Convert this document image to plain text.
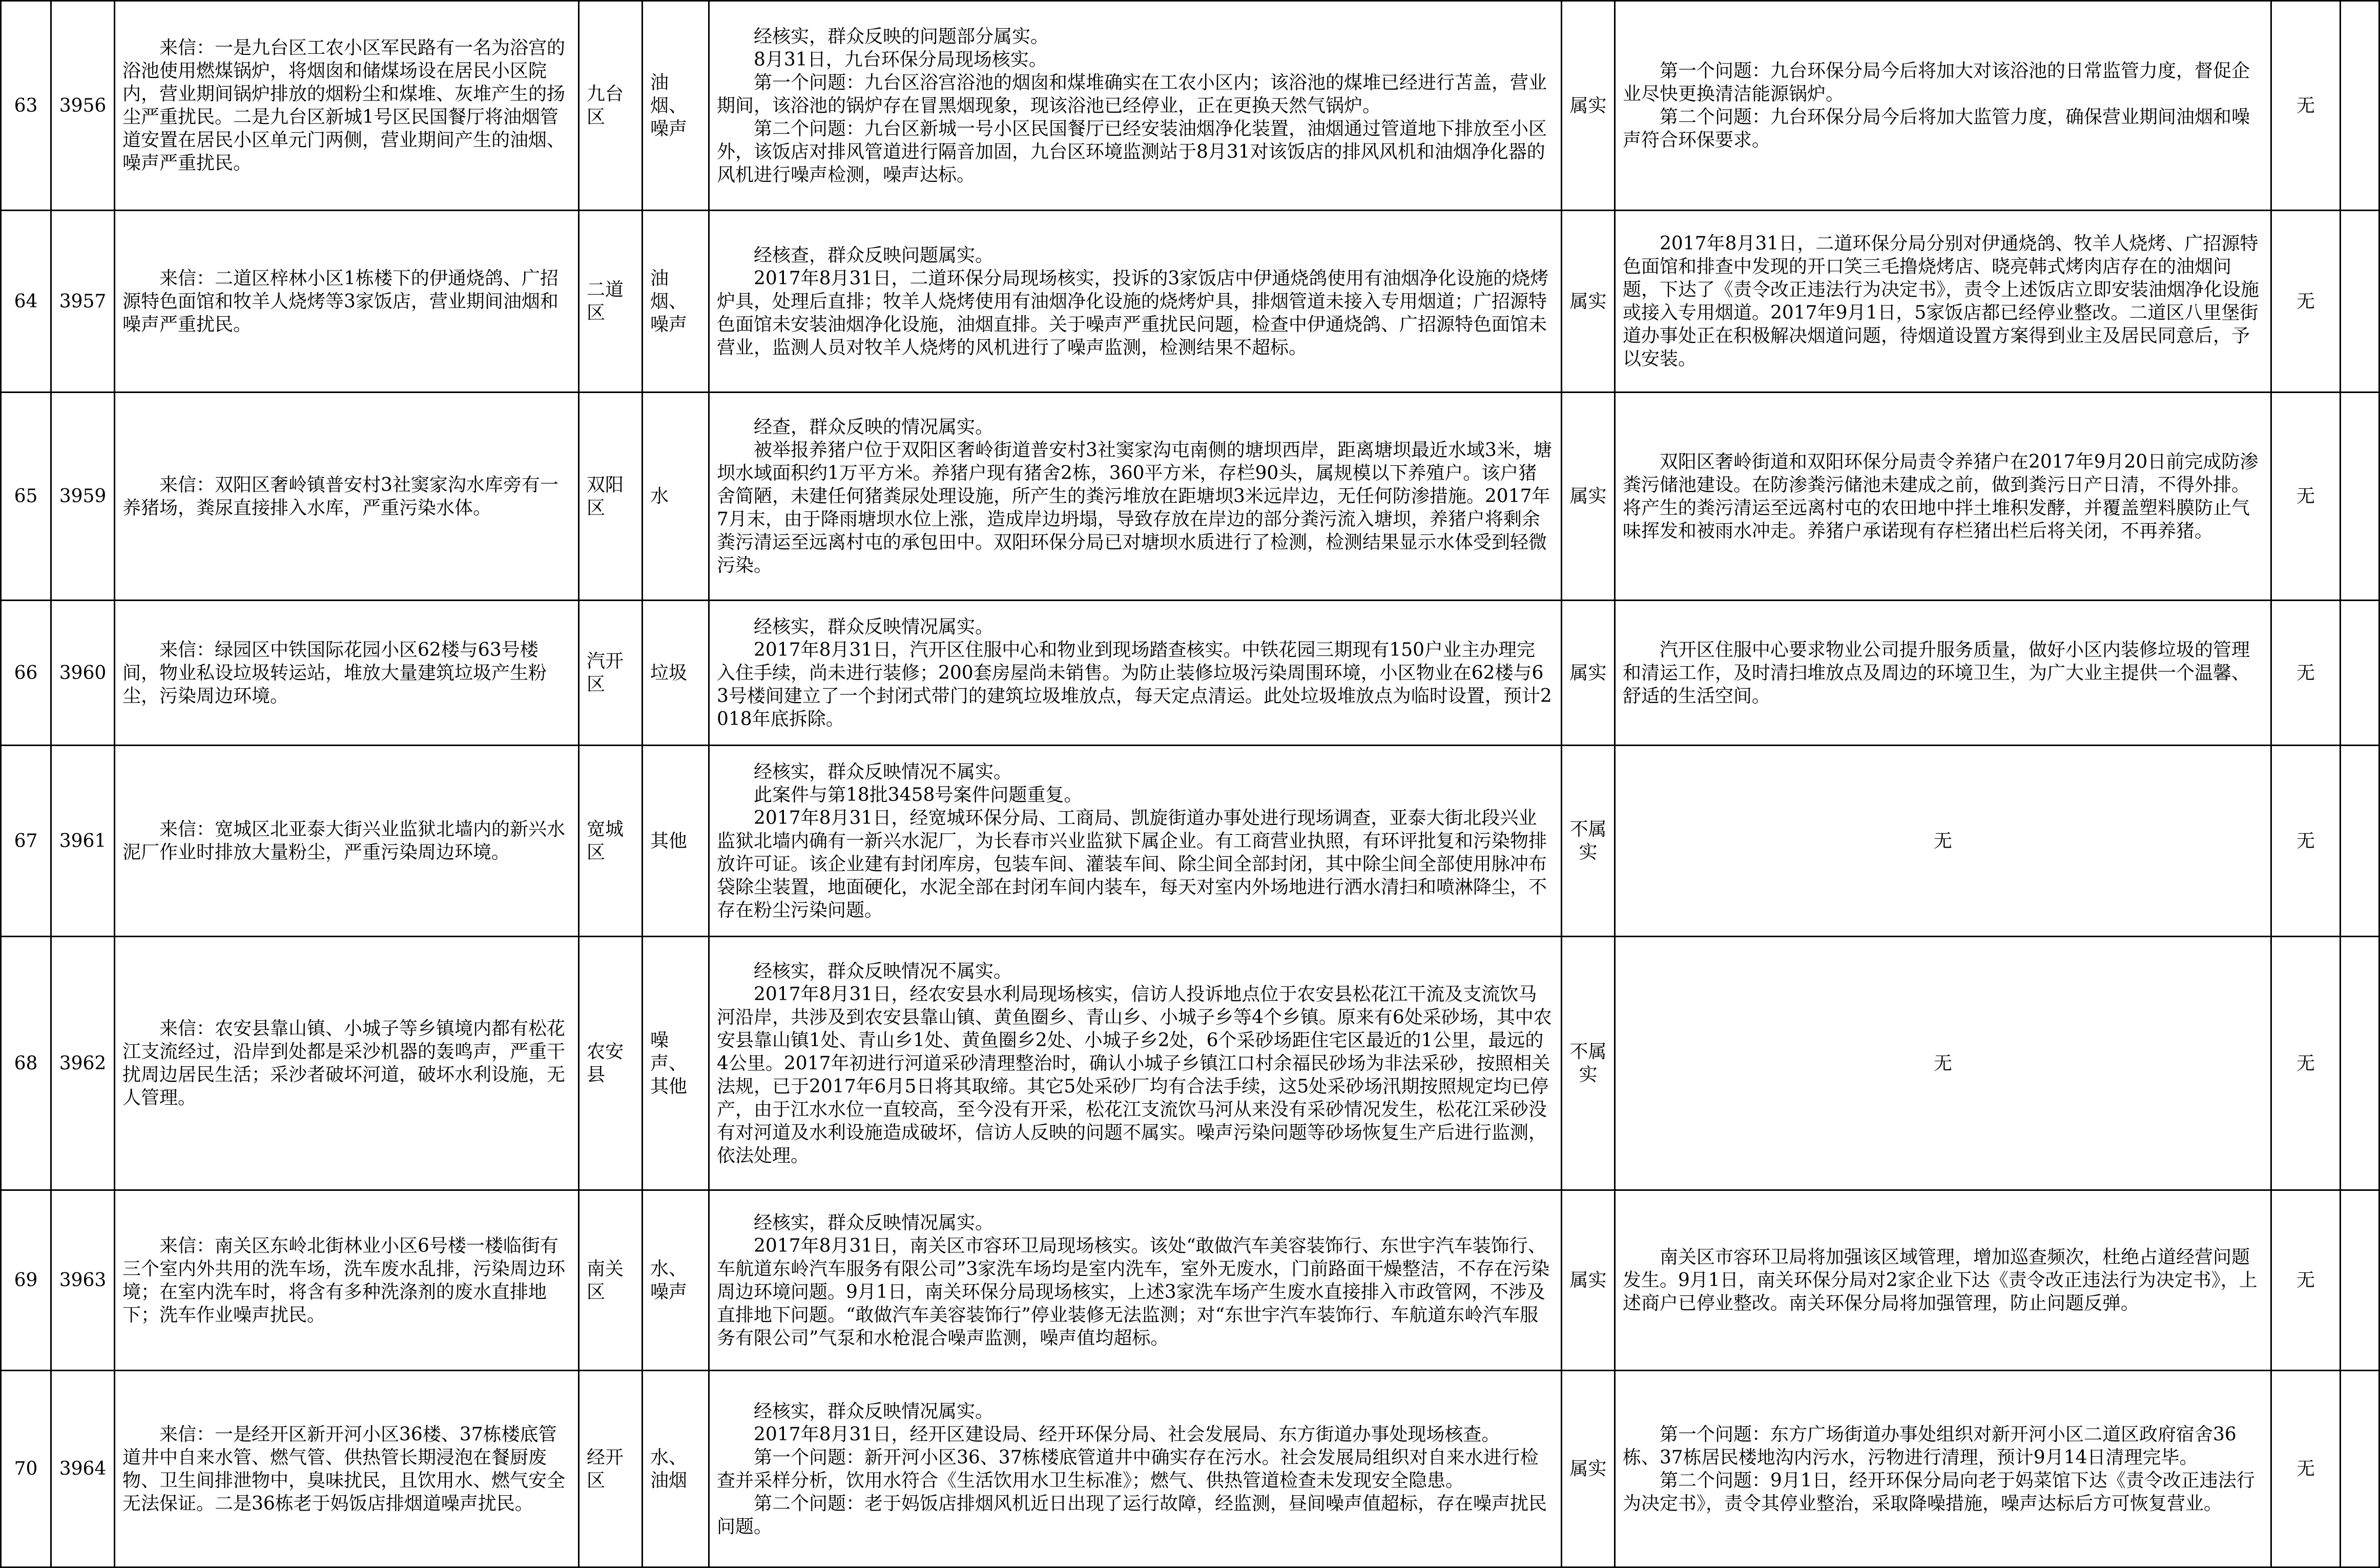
63	3956	来信：一是九台区工农小区军民路有一名为浴宫的浴池使用燃煤锅炉，将烟囱和储煤场设在居民小区院内，营业期间锅炉排放的烟粉尘和煤堆、灰堆产生的扬尘严重扰民。二是九台区新城1号区民国餐厅将油烟管道安置在居民小区单元门两侧，营业期间产生的油烟、噪声严重扰民。	九台区	油烟、噪声	经核实，群众反映的问题部分属实。
8月31日，九台环保分局现场核实。
第一个问题：九台区浴宫浴池的烟囱和煤堆确实在工农小区内；该浴池的煤堆已经进行苫盖，营业期间，该浴池的锅炉存在冒黑烟现象，现该浴池已经停业，正在更换天然气锅炉。
第二个问题：九台区新城一号小区民国餐厅已经安装油烟净化装置，油烟通过管道地下排放至小区外，该饭店对排风管道进行隔音加固，九台区环境监测站于8月31对该饭店的排风风机和油烟净化器的风机进行噪声检测，噪声达标。	属实	第一个问题：九台环保分局今后将加大对该浴池的日常监管力度，督促企业尽快更换清洁能源锅炉。
第二个问题：九台环保分局今后将加大监管力度，确保营业期间油烟和噪声符合环保要求。	无	

64	3957	来信：二道区梓林小区1栋楼下的伊通烧鸽、广招源特色面馆和牧羊人烧烤等3家饭店，营业期间油烟和噪声严重扰民。	二道区	油烟、噪声	经核查，群众反映问题属实。
2017年8月31日，二道环保分局现场核实，投诉的3家饭店中伊通烧鸽使用有油烟净化设施的烧烤炉具，处理后直排；牧羊人烧烤使用有油烟净化设施的烧烤炉具，排烟管道未接入专用烟道；广招源特色面馆未安装油烟净化设施，油烟直排。关于噪声严重扰民问题，检查中伊通烧鸽、广招源特色面馆未营业，监测人员对牧羊人烧烤的风机进行了噪声监测，检测结果不超标。	属实	2017年8月31日，二道环保分局分别对伊通烧鸽、牧羊人烧烤、广招源特色面馆和排查中发现的开口笑三毛撸烧烤店、晓亮韩式烤肉店存在的油烟问题，下达了《责令改正违法行为决定书》，责令上述饭店立即安装油烟净化设施或接入专用烟道。2017年9月1日，5家饭店都已经停业整改。二道区八里堡街道办事处正在积极解决烟道问题，待烟道设置方案得到业主及居民同意后，予以安装。	无	

65	3959	来信：双阳区奢岭镇普安村3社窦家沟水库旁有一养猪场，粪尿直接排入水库，严重污染水体。	双阳区	水	经查，群众反映的情况属实。
被举报养猪户位于双阳区奢岭街道普安村3社窦家沟屯南侧的塘坝西岸，距离塘坝最近水域3米，塘坝水域面积约1万平方米。养猪户现有猪舍2栋，360平方米，存栏90头，属规模以下养殖户。该户猪舍简陋，未建任何猪粪尿处理设施，所产生的粪污堆放在距塘坝3米远岸边，无任何防渗措施。2017年7月末，由于降雨塘坝水位上涨，造成岸边坍塌，导致存放在岸边的部分粪污流入塘坝，养猪户将剩余粪污清运至远离村屯的承包田中。双阳环保分局已对塘坝水质进行了检测，检测结果显示水体受到轻微污染。	属实	双阳区奢岭街道和双阳环保分局责令养猪户在2017年9月20日前完成防渗粪污储池建设。在防渗粪污储池未建成之前，做到粪污日产日清，不得外排。将产生的粪污清运至远离村屯的农田地中拌土堆积发酵，并覆盖塑料膜防止气味挥发和被雨水冲走。养猪户承诺现有存栏猪出栏后将关闭，不再养猪。	无	

66	3960	来信：绿园区中铁国际花园小区62楼与63号楼间，物业私设垃圾转运站，堆放大量建筑垃圾产生粉尘，污染周边环境。	汽开区	垃圾	经核实，群众反映情况属实。
2017年8月31日，汽开区住服中心和物业到现场踏查核实。中铁花园三期现有150户业主办理完入住手续，尚未进行装修；200套房屋尚未销售。为防止装修垃圾污染周围环境，小区物业在62楼与63号楼间建立了一个封闭式带门的建筑垃圾堆放点，每天定点清运。此处垃圾堆放点为临时设置，预计2018年底拆除。	属实	汽开区住服中心要求物业公司提升服务质量，做好小区内装修垃圾的管理和清运工作，及时清扫堆放点及周边的环境卫生，为广大业主提供一个温馨、舒适的生活空间。	无	

67	3961	来信：宽城区北亚泰大街兴业监狱北墙内的新兴水泥厂作业时排放大量粉尘，严重污染周边环境。	宽城区	其他	经核实，群众反映情况不属实。
此案件与第18批3458号案件问题重复。
2017年8月31日，经宽城环保分局、工商局、凯旋街道办事处进行现场调查，亚泰大街北段兴业监狱北墙内确有一新兴水泥厂，为长春市兴业监狱下属企业。有工商营业执照，有环评批复和污染物排放许可证。该企业建有封闭库房，包装车间、灌装车间、除尘间全部封闭，其中除尘间全部使用脉冲布袋除尘装置，地面硬化，水泥全部在封闭车间内装车，每天对室内外场地进行洒水清扫和喷淋降尘，不存在粉尘污染问题。	不属实	无	无	

68	3962	来信：农安县靠山镇、小城子等乡镇境内都有松花江支流经过，沿岸到处都是采沙机器的轰鸣声，严重干扰周边居民生活；采沙者破坏河道，破坏水利设施，无人管理。	农安县	噪声、其他	经核实，群众反映情况不属实。
2017年8月31日，经农安县水利局现场核实，信访人投诉地点位于农安县松花江干流及支流饮马河沿岸，共涉及到农安县靠山镇、黄鱼圈乡、青山乡、小城子乡等4个乡镇。原来有6处采砂场，其中农安县靠山镇1处、青山乡1处、黄鱼圈乡2处、小城子乡2处，6个采砂场距住宅区最近的1公里，最远的4公里。2017年初进行河道采砂清理整治时，确认小城子乡镇江口村余福民砂场为非法采砂，按照相关法规，已于2017年6月5日将其取缔。其它5处采砂厂均有合法手续，这5处采砂场汛期按照规定均已停产，由于江水水位一直较高，至今没有开采，松花江支流饮马河从来没有采砂情况发生，松花江采砂没有对河道及水利设施造成破坏，信访人反映的问题不属实。噪声污染问题等砂场恢复生产后进行监测，依法处理。	不属实	无	无	

69	3963	来信：南关区东岭北街林业小区6号楼一楼临街有三个室内外共用的洗车场，洗车废水乱排，污染周边环境；在室内洗车时，将含有多种洗涤剂的废水直排地下；洗车作业噪声扰民。	南关区	水、噪声	经核实，群众反映情况属实。
2017年8月31日，南关区市容环卫局现场核实。该处“敢做汽车美容装饰行、东世宇汽车装饰行、车航道东岭汽车服务有限公司”3家洗车场均是室内洗车，室外无废水，门前路面干燥整洁，不存在污染周边环境问题。9月1日，南关环保分局现场核实，上述3家洗车场产生废水直接排入市政管网，不涉及直排地下问题。“敢做汽车美容装饰行”停业装修无法监测；对“东世宇汽车装饰行、车航道东岭汽车服务有限公司”气泵和水枪混合噪声监测，噪声值均超标。	属实	南关区市容环卫局将加强该区域管理，增加巡查频次，杜绝占道经营问题发生。9月1日，南关环保分局对2家企业下达《责令改正违法行为决定书》，上述商户已停业整改。南关环保分局将加强管理，防止问题反弹。	无	

70	3964	来信：一是经开区新开河小区36楼、37栋楼底管道井中自来水管、燃气管、供热管长期浸泡在餐厨废物、卫生间排泄物中，臭味扰民，且饮用水、燃气安全无法保证。二是36栋老于妈饭店排烟道噪声扰民。	经开区	水、油烟	经核实，群众反映情况属实。
2017年8月31日，经开区建设局、经开环保分局、社会发展局、东方街道办事处现场核查。
第一个问题：新开河小区36、37栋楼底管道井中确实存在污水。社会发展局组织对自来水进行检查并采样分析，饮用水符合《生活饮用水卫生标准》；燃气、供热管道检查未发现安全隐患。
第二个问题：老于妈饭店排烟风机近日出现了运行故障，经监测，昼间噪声值超标，存在噪声扰民问题。	属实	第一个问题：东方广场街道办事处组织对新开河小区二道区政府宿舍36栋、37栋居民楼地沟内污水，污物进行清理，预计9月14日清理完毕。
第二个问题：9月1日，经开环保分局向老于妈菜馆下达《责令改正违法行为决定书》，责令其停业整治，采取降噪措施，噪声达标后方可恢复营业。	无	
